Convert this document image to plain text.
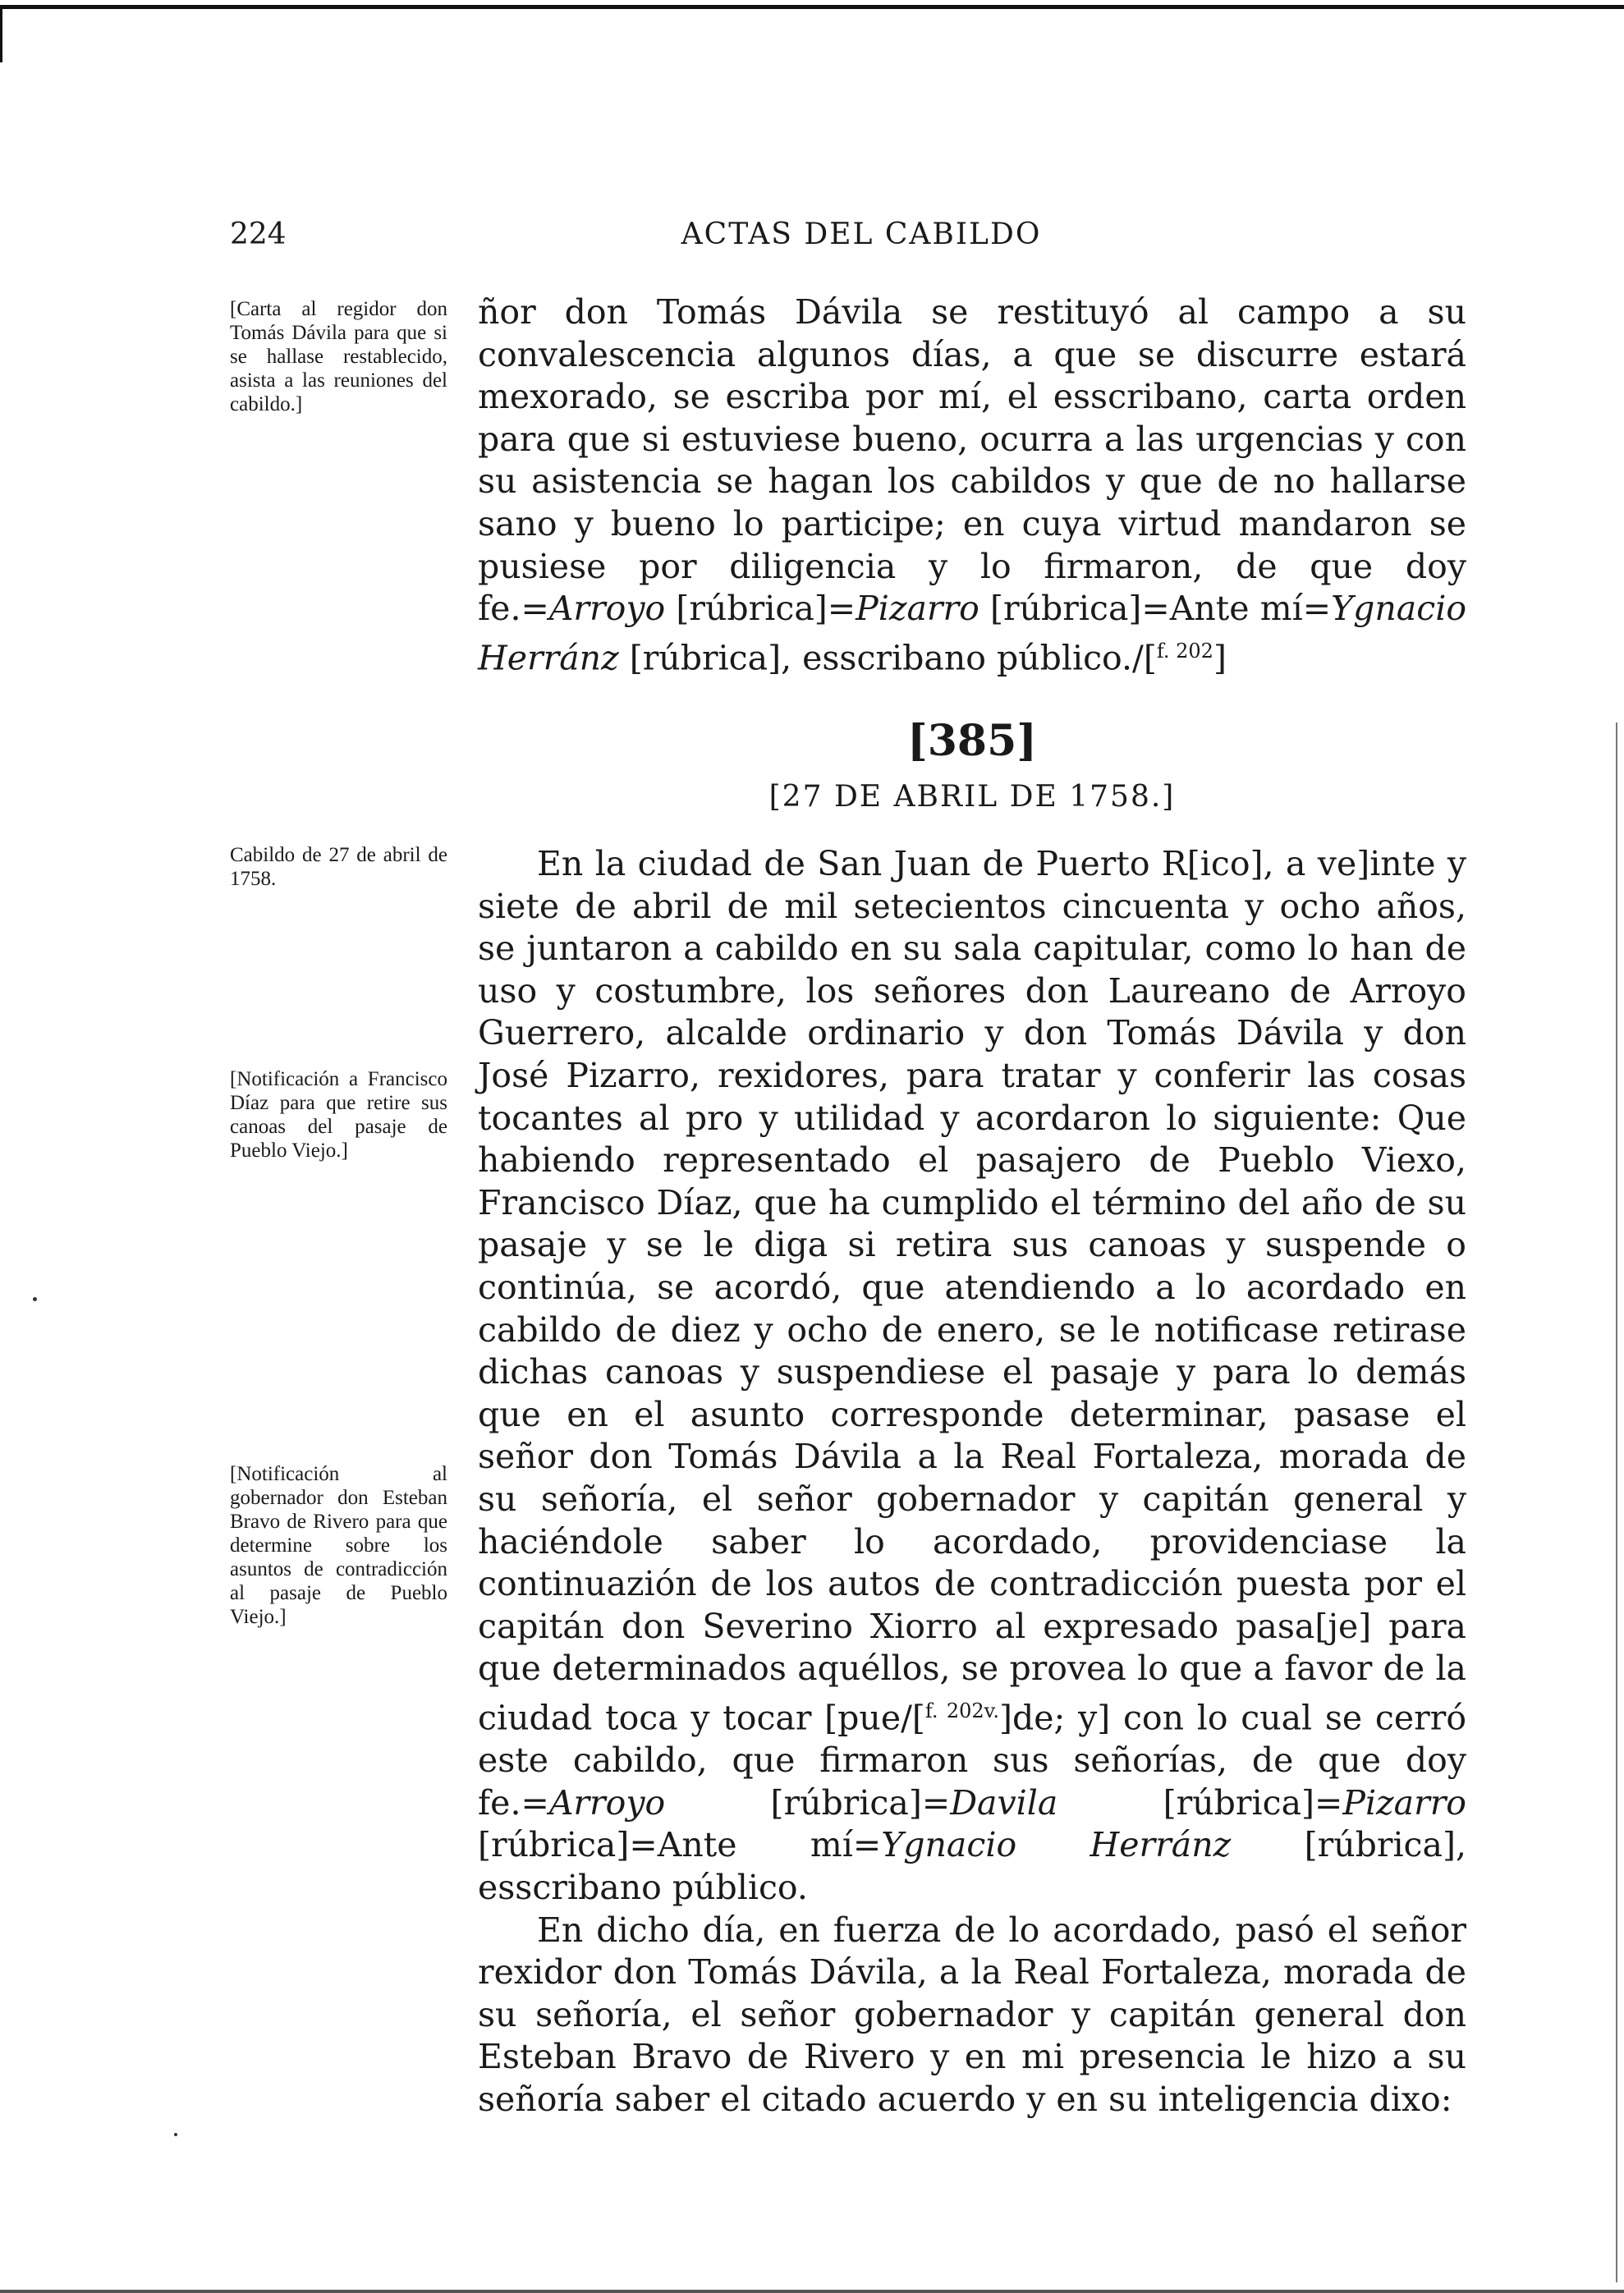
224	ACTAS DEL CABILDO
[Carta al regidor don Tomás Dávila para que si se hallase restablecido, asista a las reuniones del cabildo.]
Cabildo de 27 de abril de 1758.
[Notificación a Francisco Díaz para que retire sus canoas del pasaje de Pueblo Viejo.]
[Notificación al gobernador don Esteban Bravo de Rivero para que determine sobre los asuntos de contradicción al pasaje de Pueblo Viejo.]

ñor don Tomás Dávila se restituyó al campo a su convalescencia algunos días, a que se discurre estará mexorado, se escriba por mí, el esscribano, carta orden para que si estuviese bueno, ocurra a las urgencias y con su asistencia se hagan los cabildos y que de no hallarse sano y bueno lo participe; en cuya virtud mandaron se pusiese por diligencia y lo firmaron, de que doy fe.=Arroyo [rúbrica]=Pizarro [rúbrica]=Ante mí=Ygnacio Herránz [rúbrica], esscribano público./[$^{f. 202}$]

[385]
[27 DE ABRIL DE 1758.]

En la ciudad de San Juan de Puerto R[ico], a ve]inte y siete de abril de mil setecientos cincuenta y ocho años, se juntaron a cabildo en su sala capitular, como lo han de uso y costumbre, los señores don Laureano de Arroyo Guerrero, alcalde ordinario y don Tomás Dávila y don José Pizarro, rexidores, para tratar y conferir las cosas tocantes al pro y utilidad y acordaron lo siguiente: Que habiendo representado el pasajero de Pueblo Viexo, Francisco Díaz, que ha cumplido el término del año de su pasaje y se le diga si retira sus canoas y suspende o continúa, se acordó, que atendiendo a lo acordado en cabildo de diez y ocho de enero, se le notificase retirase dichas canoas y suspendiese el pasaje y para lo demás que en el asunto corresponde determinar, pasase el señor don Tomás Dávila a la Real Fortaleza, morada de su señoría, el señor gobernador y capitán general y haciéndole saber lo acordado, providenciase la continuazión de los autos de contradicción puesta por el capitán don Severino Xiorro al expresado pasa[je] para que determinados aquéllos, se provea lo que a favor de la ciudad toca y tocar [pue/[$^{f. 202v.}$]de; y] con lo cual se cerró este cabildo, que firmaron sus señorías, de que doy fe.=Arroyo [rúbrica]=Davila [rúbrica]=Pizarro [rúbrica]=Ante mí=Ygnacio Herránz [rúbrica], esscribano público.

En dicho día, en fuerza de lo acordado, pasó el señor rexidor don Tomás Dávila, a la Real Fortaleza, morada de su señoría, el señor gobernador y capitán general don Esteban Bravo de Rivero y en mi presencia le hizo a su señoría saber el citado acuerdo y en su inteligencia dixo:
